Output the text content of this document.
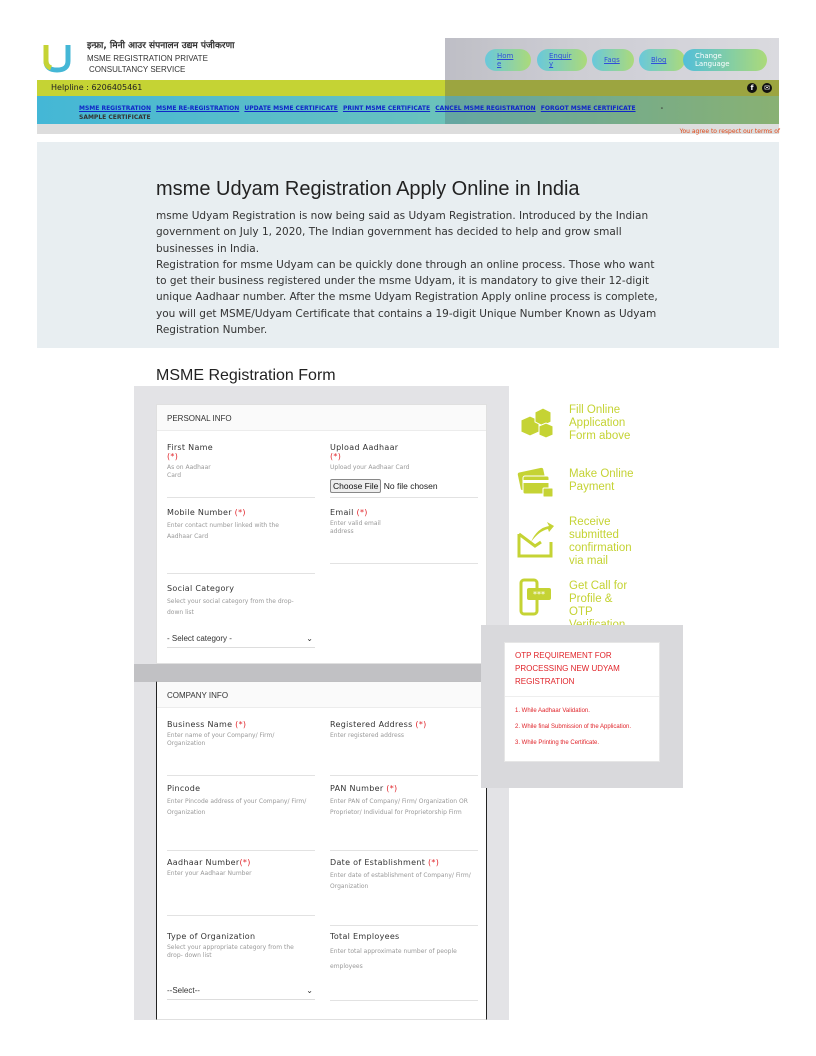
इन्फ्रा, मिनी आउर संपनालन उद्यम पंजीकरणा
MSME REGISTRATION PRIVATE
CONSULTANCY SERVICE
Hom e
Enquir y	Faqs	Blog	Change Language
Helpline : 6206405461	f	✉
MSME REGISTRATION MSME RE-REGISTRATION UPDATE MSME CERTIFICATE PRINT MSME CERTIFICATE CANCEL MSME REGISTRATION FORGOT MSME CERTIFICATE	-
SAMPLE CERTIFICATE
You agree to respect our terms of
msme Udyam Registration Apply Online in India

msme Udyam Registration is now being said as Udyam Registration. Introduced by the Indian government on July 1, 2020, The Indian government has decided to help and grow small businesses in India.

Registration for msme Udyam can be quickly done through an online process. Those who want to get their business registered under the msme Udyam, it is mandatory to give their 12-digit unique Aadhaar number. After the msme Udyam Registration Apply online process is complete, you will get MSME/Udyam Certificate that contains a 19-digit Unique Number Known as Udyam Registration Number.

MSME Registration Form
PERSONAL INFO
First Name
(*)
As on Aadhaar Card
Upload Aadhaar
(*)
Upload your Aadhaar Card
Choose File No file chosen
Mobile Number (*)
Enter contact number linked with the Aadhaar Card
Email (*)
Enter valid email address
Social Category
Select your social category from the drop-down list
- Select category -	⌄
COMPANY INFO
Business Name (*)
Enter name of your Company/ Firm/ Organization
Registered Address (*)
Enter registered address
Pincode
Enter Pincode address of your Company/ Firm/ Organization
PAN Number (*)
Enter PAN of Company/ Firm/ Organization OR Proprietor/ Individual for Proprietorship Firm
Aadhaar Number(*)
Enter your Aadhaar Number
Date of Establishment (*)
Enter date of establishment of Company/ Firm/ Organization
Type of Organization
Select your appropriate category from the drop- down list
--Select--	⌄
Total Employees
Enter total approximate number of people employees
Fill Online Application Form above
Make Online Payment
Receive submitted confirmation via mail
***
Get Call for Profile & OTP
OTP REQUIREMENT FOR PROCESSING NEW UDYAM REGISTRATION
1. While Aadhaar Validation.
2. While final Submission of the Application.
3. While Printing the Certificate.
